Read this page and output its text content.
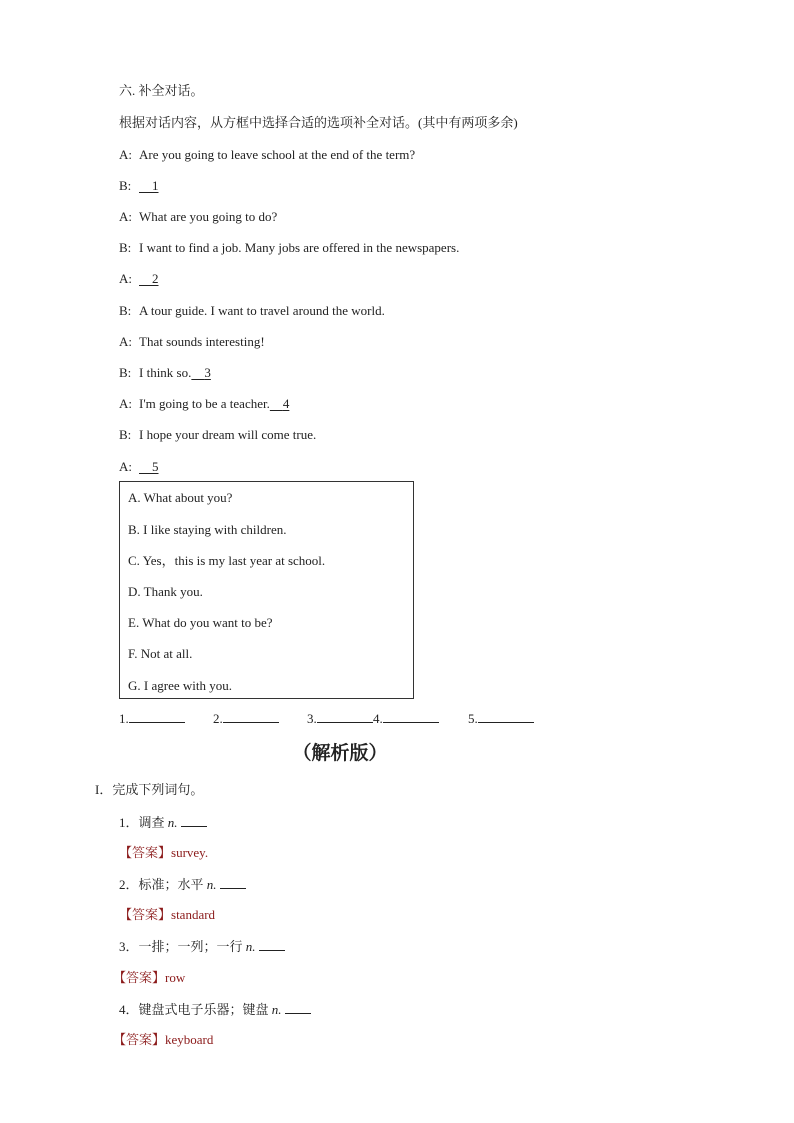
六. 补全对话。
根据对话内容，从方框中选择合适的选项补全对话。(其中有两项多余)
A: Are you going to leave school at the end of the term?
B:   1
A: What are you going to do?
B: I want to find a job. Many jobs are offered in the newspapers.
A:   2
B: A tour guide. I want to travel around the world.
A: That sounds interesting!
B: I think so.   3
A: I'm going to be a teacher.   4
B: I hope your dream will come true.
A:   5
A. What about you?
B. I like staying with children.
C. Yes，this is my last year at school.
D. Thank you.
E. What do you want to be?
F. Not at all.
G. I agree with you.
1.	2.	3.	4.	5.
（解析版）
I．完成下列词句。
1．调查 n.
【答案】survey.
2．标准；水平 n.
【答案】standard
3．一排；一列；一行 n.
【答案】row
4．键盘式电子乐器；键盘 n.
【答案】keyboard
